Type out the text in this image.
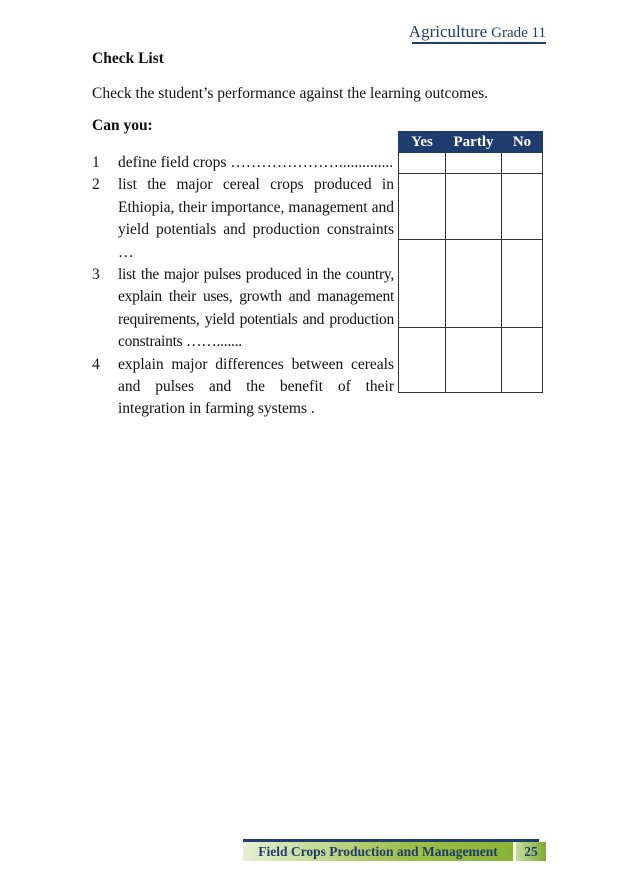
Agriculture Grade 11
Check List
Check the student’s performance against the learning outcomes.
Can you:
1	define field crops …………………..............
2	list the major cereal crops produced in Ethiopia, their importance, management and yield potentials and production constraints …
3	list the major pulses produced in the country, explain their uses, growth and management requirements, yield potentials and production constraints …….......
4	explain major differences between cereals and pulses and the benefit of their integration in farming systems .
Yes	Partly	No

Field Crops Production and Management	25
